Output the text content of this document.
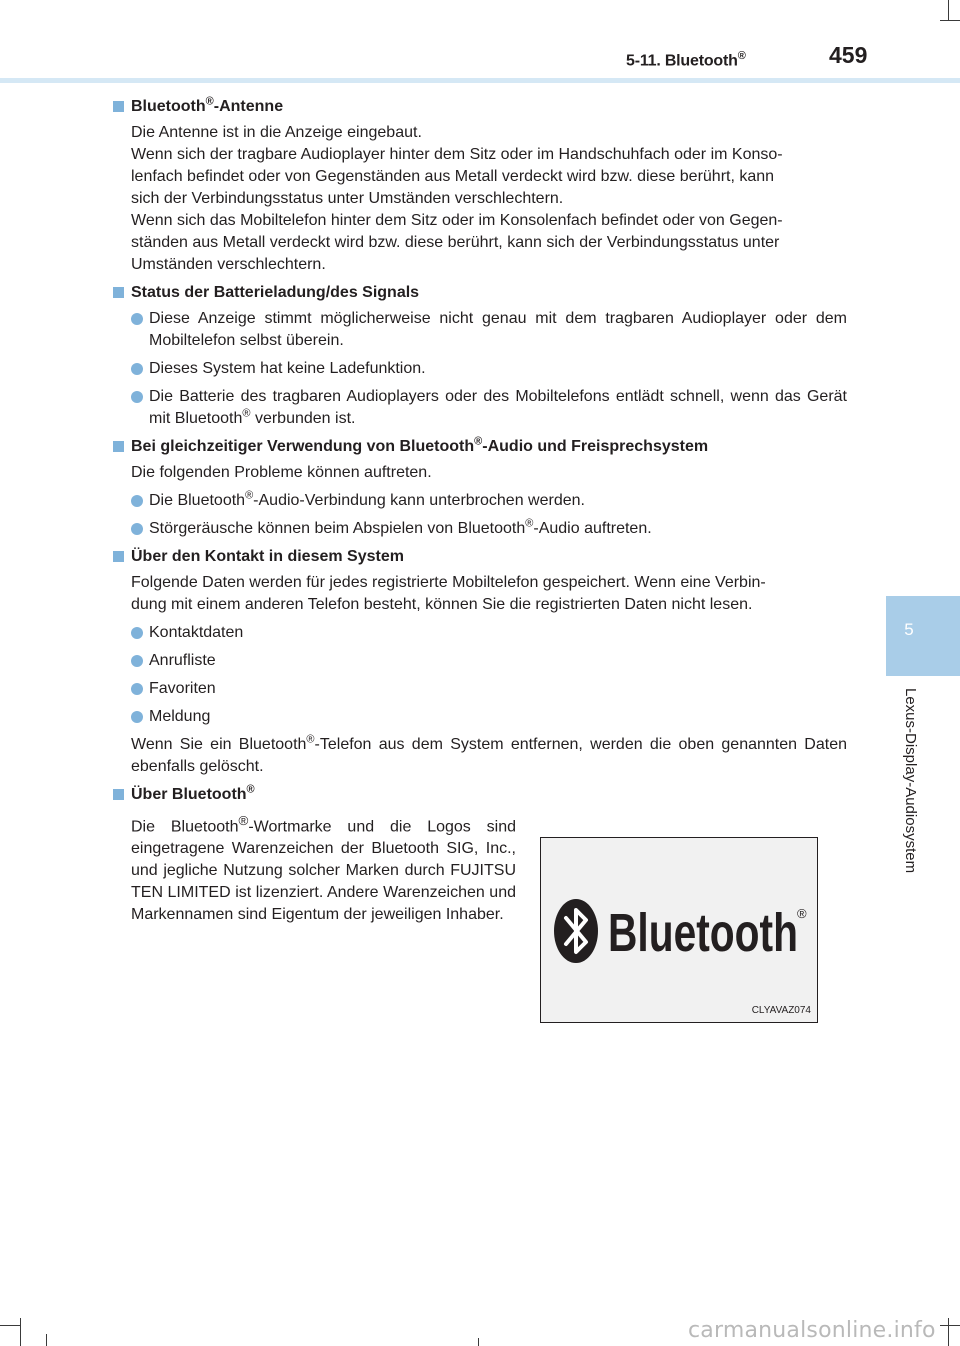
5-11. Bluetooth®	459
5
Lexus-Display-Audiosystem
Bluetooth®-Antenne
Die Antenne ist in die Anzeige eingebaut.
Wenn sich der tragbare Audioplayer hinter dem Sitz oder im Handschuhfach oder im Konso-
lenfach befindet oder von Gegenständen aus Metall verdeckt wird bzw. diese berührt, kann
sich der Verbindungsstatus unter Umständen verschlechtern.
Wenn sich das Mobiltelefon hinter dem Sitz oder im Konsolenfach befindet oder von Gegen-
ständen aus Metall verdeckt wird bzw. diese berührt, kann sich der Verbindungsstatus unter
Umständen verschlechtern.
Status der Batterieladung/des Signals
Diese Anzeige stimmt möglicherweise nicht genau mit dem tragbaren Audioplayer oder dem Mobiltelefon selbst überein.
Dieses System hat keine Ladefunktion.
Die Batterie des tragbaren Audioplayers oder des Mobiltelefons entlädt schnell, wenn das Gerät mit Bluetooth® verbunden ist.
Bei gleichzeitiger Verwendung von Bluetooth®-Audio und Freisprechsystem
Die folgenden Probleme können auftreten.
Die Bluetooth®-Audio-Verbindung kann unterbrochen werden.
Störgeräusche können beim Abspielen von Bluetooth®-Audio auftreten.
Über den Kontakt in diesem System
Folgende Daten werden für jedes registrierte Mobiltelefon gespeichert. Wenn eine Verbin-
dung mit einem anderen Telefon besteht, können Sie die registrierten Daten nicht lesen.
Kontaktdaten
Anrufliste
Favoriten
Meldung
Wenn Sie ein Bluetooth®-Telefon aus dem System entfernen, werden die oben genannten Daten ebenfalls gelöscht.
Über Bluetooth®
Die Bluetooth®-Wortmarke und die Logos sind eingetragene Warenzeichen der Bluetooth SIG, Inc., und jegliche Nutzung solcher Marken durch FUJITSU TEN LIMITED ist lizenziert. Andere Warenzeichen und Markennamen sind Eigentum der jeweiligen Inhaber. Bluetooth ®
CLYAVAZ074
carmanualsonline.info
